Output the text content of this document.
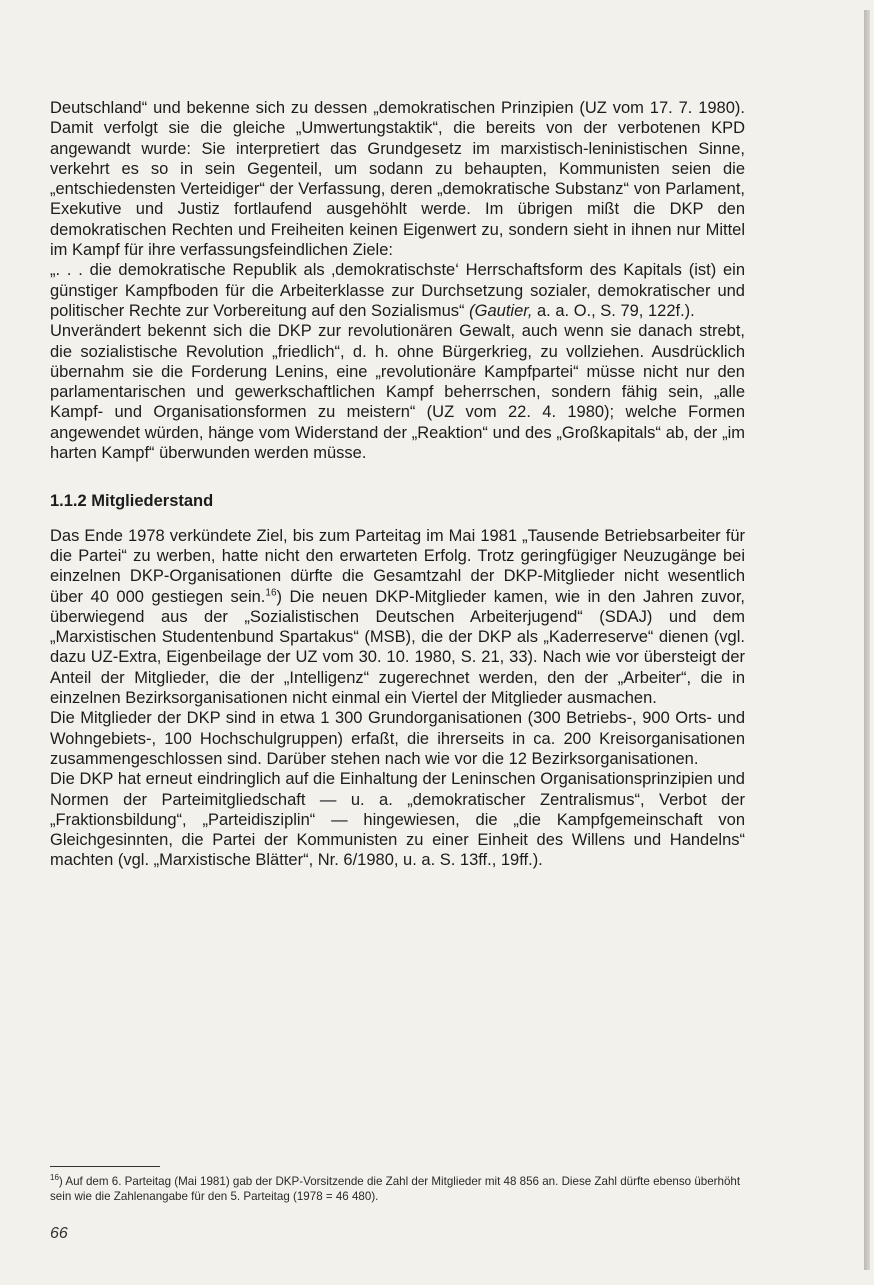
Deutschland“ und bekenne sich zu dessen „demokratischen Prinzipien (UZ vom 17. 7. 1980). Damit verfolgt sie die gleiche „Umwertungstaktik“, die bereits von der verbotenen KPD angewandt wurde: Sie interpretiert das Grundgesetz im marxistisch-leninistischen Sinne, verkehrt es so in sein Gegenteil, um sodann zu behaupten, Kommunisten seien die „entschiedensten Verteidiger“ der Verfassung, deren „demokratische Substanz“ von Parlament, Exekutive und Justiz fortlaufend ausgehöhlt werde. Im übrigen mißt die DKP den demokratischen Rechten und Freiheiten keinen Eigenwert zu, sondern sieht in ihnen nur Mittel im Kampf für ihre verfassungsfeindlichen Ziele:

„. . . die demokratische Republik als ‚demokratischste‘ Herrschaftsform des Kapitals (ist) ein günstiger Kampfboden für die Arbeiterklasse zur Durchsetzung sozialer, demokratischer und politischer Rechte zur Vorbereitung auf den Sozialismus“ (Gautier, a. a. O., S. 79, 122f.).

Unverändert bekennt sich die DKP zur revolutionären Gewalt, auch wenn sie danach strebt, die sozialistische Revolution „friedlich“, d. h. ohne Bürgerkrieg, zu vollziehen. Ausdrücklich übernahm sie die Forderung Lenins, eine „revolutionäre Kampfpartei“ müsse nicht nur den parlamentarischen und gewerkschaftlichen Kampf beherrschen, sondern fähig sein, „alle Kampf- und Organisationsformen zu meistern“ (UZ vom 22. 4. 1980); welche Formen angewendet würden, hänge vom Widerstand der „Reaktion“ und des „Großkapitals“ ab, der „im harten Kampf“ überwunden werden müsse.

1.1.2 Mitgliederstand

Das Ende 1978 verkündete Ziel, bis zum Parteitag im Mai 1981 „Tausende Betriebsarbeiter für die Partei“ zu werben, hatte nicht den erwarteten Erfolg. Trotz geringfügiger Neuzugänge bei einzelnen DKP-Organisationen dürfte die Gesamtzahl der DKP-Mitglieder nicht wesentlich über 40 000 gestiegen sein.$^{16}$) Die neuen DKP-Mitglieder kamen, wie in den Jahren zuvor, überwiegend aus der „Sozialistischen Deutschen Arbeiterjugend“ (SDAJ) und dem „Marxistischen Studentenbund Spartakus“ (MSB), die der DKP als „Kaderreserve“ dienen (vgl. dazu UZ-Extra, Eigenbeilage der UZ vom 30. 10. 1980, S. 21, 33). Nach wie vor übersteigt der Anteil der Mitglieder, die der „Intelligenz“ zugerechnet werden, den der „Arbeiter“, die in einzelnen Bezirksorganisationen nicht einmal ein Viertel der Mitglieder ausmachen.

Die Mitglieder der DKP sind in etwa 1 300 Grundorganisationen (300 Betriebs-, 900 Orts- und Wohngebiets-, 100 Hochschulgruppen) erfaßt, die ihrerseits in ca. 200 Kreisorganisationen zusammengeschlossen sind. Darüber stehen nach wie vor die 12 Bezirksorganisationen.

Die DKP hat erneut eindringlich auf die Einhaltung der Leninschen Organisationsprinzipien und Normen der Parteimitgliedschaft — u. a. „demokratischer Zentralismus“, Verbot der „Fraktionsbildung“, „Parteidisziplin“ — hingewiesen, die „die Kampfgemeinschaft von Gleichgesinnten, die Partei der Kommunisten zu einer Einheit des Willens und Handelns“ machten (vgl. „Marxistische Blätter“, Nr. 6/1980, u. a. S. 13ff., 19ff.).

$^{16}$) Auf dem 6. Parteitag (Mai 1981) gab der DKP-Vorsitzende die Zahl der Mitglieder mit 48 856 an. Diese Zahl dürfte ebenso überhöht sein wie die Zahlenangabe für den 5. Parteitag (1978 = 46 480).
66
